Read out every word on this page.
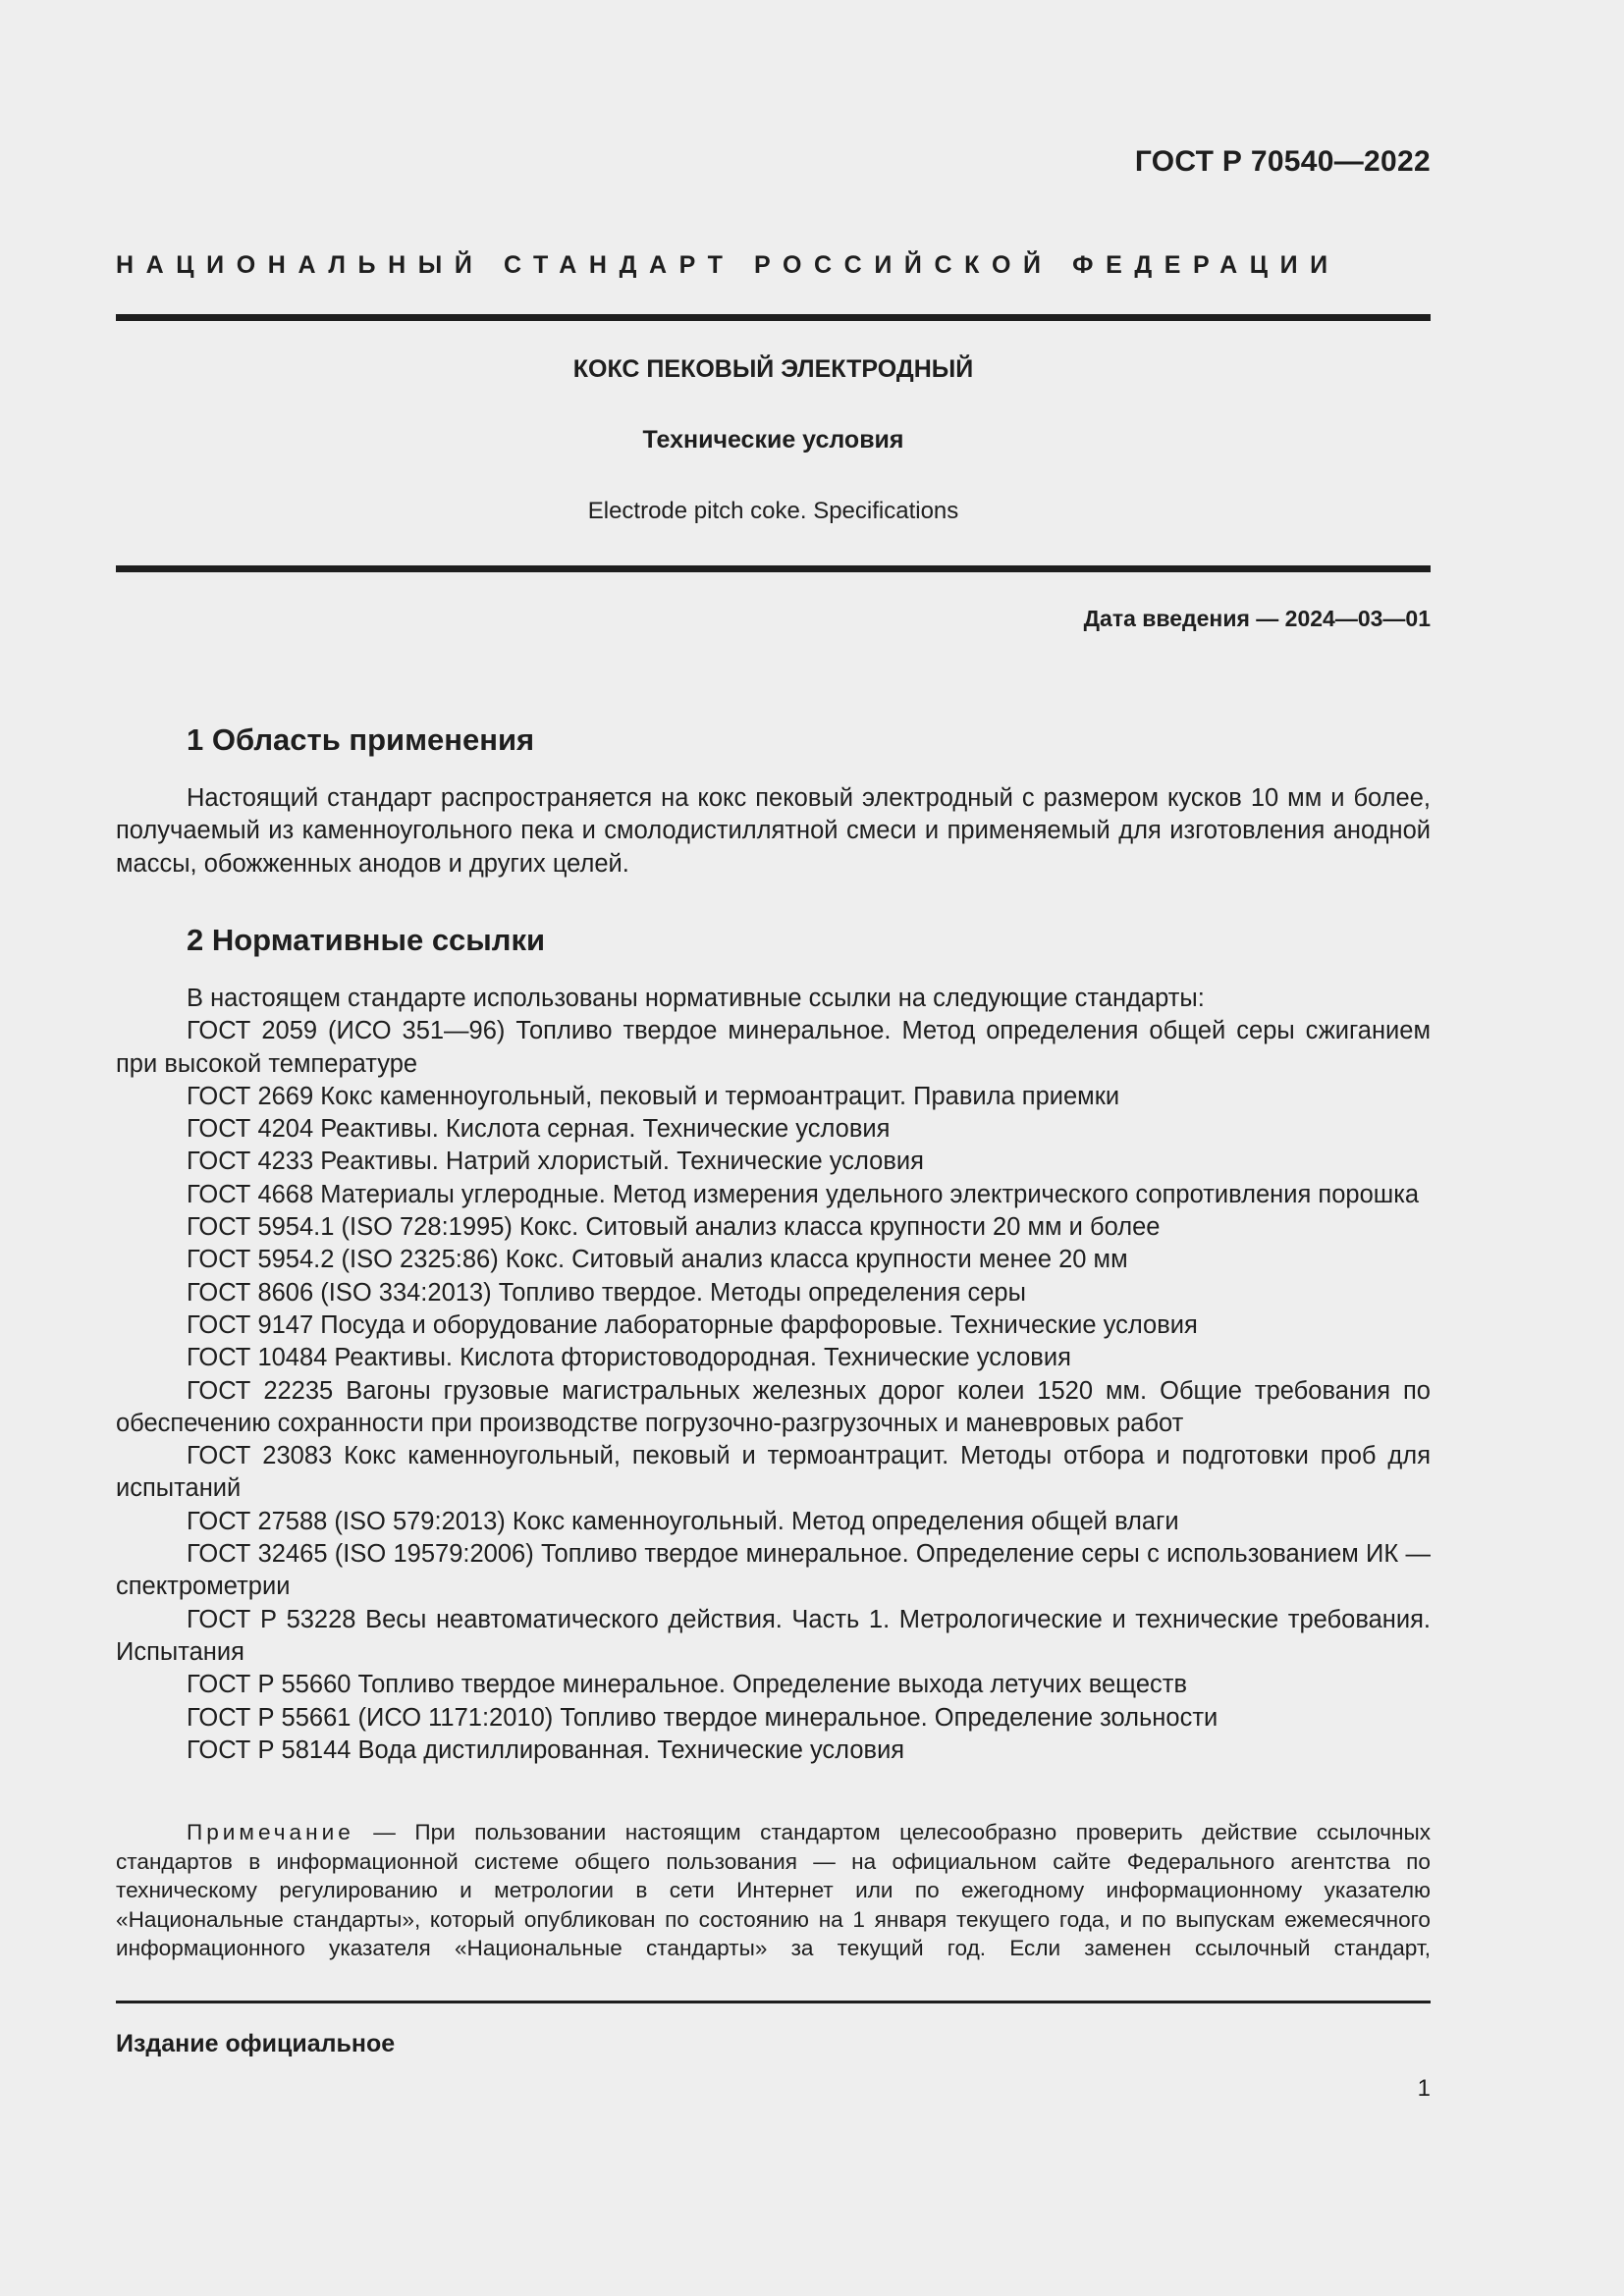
ГОСТ Р 70540—2022
НАЦИОНАЛЬНЫЙ СТАНДАРТ РОССИЙСКОЙ ФЕДЕРАЦИИ
КОКС ПЕКОВЫЙ ЭЛЕКТРОДНЫЙ
Технические условия
Electrode pitch coke. Specifications
Дата введения — 2024—03—01
1 Область применения

Настоящий стандарт распространяется на кокс пековый электродный с размером кусков 10 мм и более, получаемый из каменноугольного пека и смолодистиллятной смеси и применяемый для изготовления анодной массы, обожженных анодов и других целей.

2 Нормативные ссылки

В настоящем стандарте использованы нормативные ссылки на следующие стандарты:

ГОСТ 2059 (ИСО 351—96) Топливо твердое минеральное. Метод определения общей серы сжиганием при высокой температуре

ГОСТ 2669 Кокс каменноугольный, пековый и термоантрацит. Правила приемки

ГОСТ 4204 Реактивы. Кислота серная. Технические условия

ГОСТ 4233 Реактивы. Натрий хлористый. Технические условия

ГОСТ 4668 Материалы углеродные. Метод измерения удельного электрического сопротивления порошка

ГОСТ 5954.1 (ISO 728:1995) Кокс. Ситовый анализ класса крупности 20 мм и более

ГОСТ 5954.2 (ISO 2325:86) Кокс. Ситовый анализ класса крупности менее 20 мм

ГОСТ 8606 (ISO 334:2013) Топливо твердое. Методы определения серы

ГОСТ 9147 Посуда и оборудование лабораторные фарфоровые. Технические условия

ГОСТ 10484 Реактивы. Кислота фтористоводородная. Технические условия

ГОСТ 22235 Вагоны грузовые магистральных железных дорог колеи 1520 мм. Общие требования по обеспечению сохранности при производстве погрузочно-разгрузочных и маневровых работ

ГОСТ 23083 Кокс каменноугольный, пековый и термоантрацит. Методы отбора и подготовки проб для испытаний

ГОСТ 27588 (ISO 579:2013) Кокс каменноугольный. Метод определения общей влаги

ГОСТ 32465 (ISO 19579:2006) Топливо твердое минеральное. Определение серы с использованием ИК — спектрометрии

ГОСТ Р 53228 Весы неавтоматического действия. Часть 1. Метрологические и технические требования. Испытания

ГОСТ Р 55660 Топливо твердое минеральное. Определение выхода летучих веществ

ГОСТ Р 55661 (ИСО 1171:2010) Топливо твердое минеральное. Определение зольности

ГОСТ Р 58144 Вода дистиллированная. Технические условия

Примечание — При пользовании настоящим стандартом целесообразно проверить действие ссылочных стандартов в информационной системе общего пользования — на официальном сайте Федерального агентства по техническому регулированию и метрологии в сети Интернет или по ежегодному информационному указателю «Национальные стандарты», который опубликован по состоянию на 1 января текущего года, и по выпускам ежемесячного информационного указателя «Национальные стандарты» за текущий год. Если заменен ссылочный стандарт,

Издание официальное
1
